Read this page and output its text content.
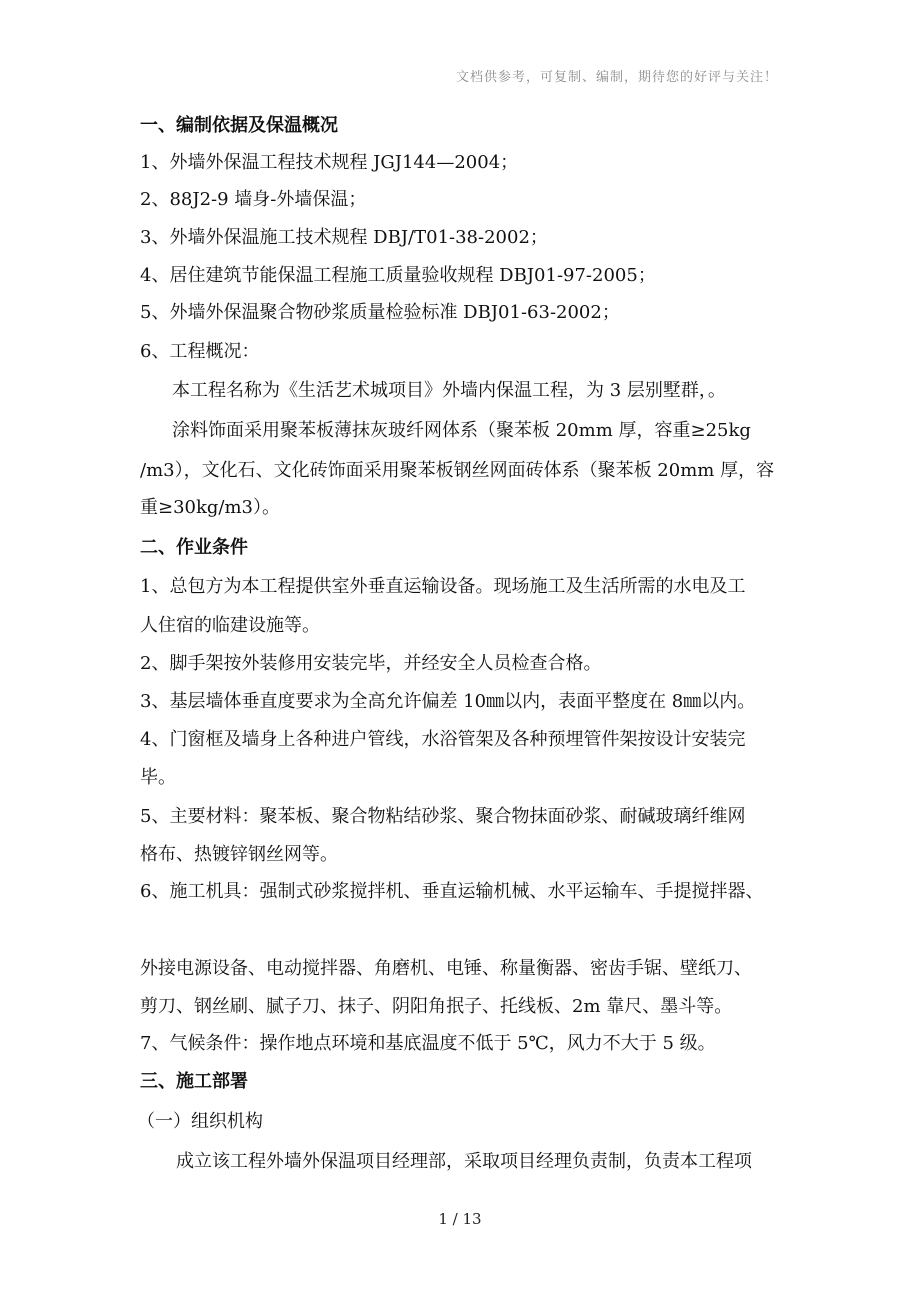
文档供参考，可复制、编制，期待您的好评与关注！
一、编制依据及保温概况
1、外墙外保温工程技术规程 JGJ144—2004；
2、88J2-9 墙身-外墙保温；
3、外墙外保温施工技术规程 DBJ/T01-38-2002；
4、居住建筑节能保温工程施工质量验收规程 DBJ01-97-2005；
5、外墙外保温聚合物砂浆质量检验标准 DBJ01-63-2002；
6、工程概况：
本工程名称为《生活艺术城项目》外墙内保温工程，为 3 层别墅群，。
涂料饰面采用聚苯板薄抹灰玻纤网体系（聚苯板 20mm 厚，容重≥25kg
/m3），文化石、文化砖饰面采用聚苯板钢丝网面砖体系（聚苯板 20mm 厚，容
重≥30kg/m3）。
二、作业条件
1、总包方为本工程提供室外垂直运输设备。现场施工及生活所需的水电及工
人住宿的临建设施等。
2、脚手架按外装修用安装完毕，并经安全人员检查合格。
3、基层墙体垂直度要求为全高允许偏差 10㎜以内，表面平整度在 8㎜以内。
4、门窗框及墙身上各种进户管线，水浴管架及各种预埋管件架按设计安装完
毕。
5、主要材料：聚苯板、聚合物粘结砂浆、聚合物抹面砂浆、耐碱玻璃纤维网
格布、热镀锌钢丝网等。
6、施工机具：强制式砂浆搅拌机、垂直运输机械、水平运输车、手提搅拌器、
外接电源设备、电动搅拌器、角磨机、电锤、称量衡器、密齿手锯、壁纸刀、
剪刀、钢丝刷、腻子刀、抹子、阴阳角抿子、托线板、2m 靠尺、墨斗等。
7、气候条件：操作地点环境和基底温度不低于 5℃，风力不大于 5 级。
三、施工部署
（一）组织机构
成立该工程外墙外保温项目经理部，采取项目经理负责制，负责本工程项
1 / 13
